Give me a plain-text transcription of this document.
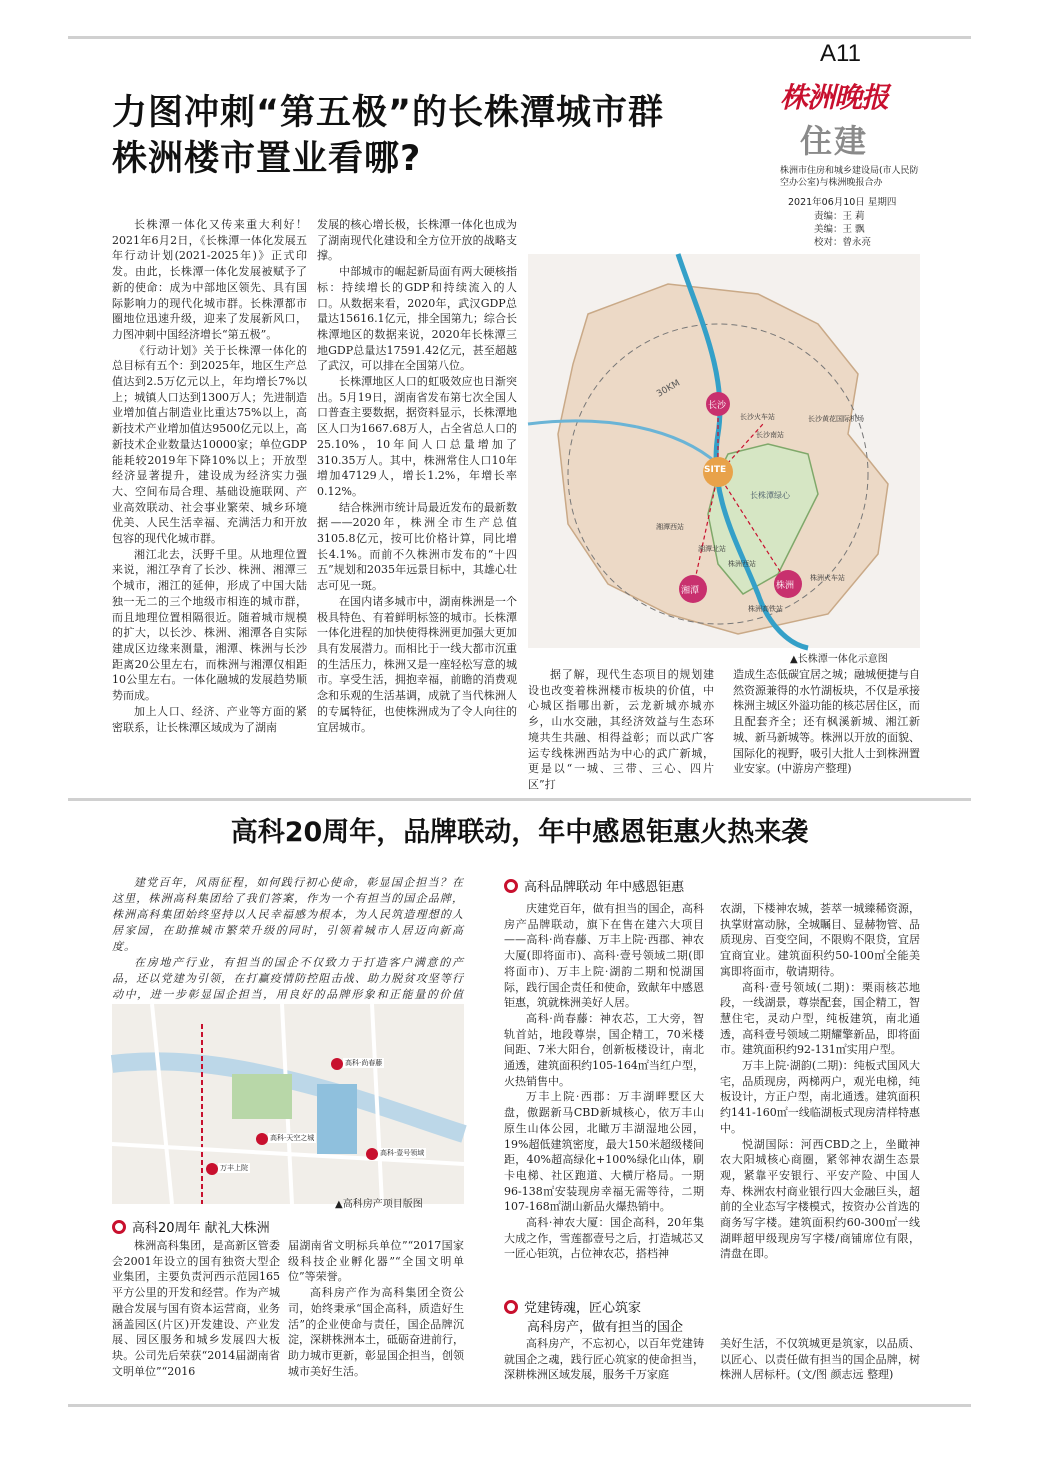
A11
株洲晚报
住建
株洲市住房和城乡建设局(市人民防空办公室)与株洲晚报合办
2021年06月10日 星期四
责编：王 莉
美编：王 飘
校对：曾永亮
力图冲刺“第五极”的长株潭城市群
株洲楼市置业看哪?

长株潭一体化又传来重大利好！2021年6月2日，《长株潭一体化发展五年行动计划(2021-2025年)》正式印发。由此，长株潭一体化发展被赋予了新的使命：成为中部地区领先、具有国际影响力的现代化城市群。长株潭都市圈地位迅速升级，迎来了发展新风口，力图冲刺中国经济增长“第五极”。

《行动计划》关于长株潭一体化的总目标有五个：到2025年，地区生产总值达到2.5万亿元以上，年均增长7%以上；城镇人口达到1300万人；先进制造业增加值占制造业比重达75%以上，高新技术产业增加值达9500亿元以上，高新技术企业数量达10000家；单位GDP能耗较2019年下降10%以上；开放型经济显著提升，建设成为经济实力强大、空间布局合理、基础设施联网、产业高效联动、社会事业繁荣、城乡环境优美、人民生活幸福、充满活力和开放包容的现代化城市群。

湘江北去，沃野千里。从地理位置来说，湘江孕育了长沙、株洲、湘潭三个城市，湘江的延伸，形成了中国大陆独一无二的三个地级市相连的城市群，而且地理位置相隔很近。随着城市规模的扩大，以长沙、株洲、湘潭各自实际建成区边缘来测量，湘潭、株洲与长沙距离20公里左右，而株洲与湘潭仅相距10公里左右。一体化融城的发展趋势顺势而成。

加上人口、经济、产业等方面的紧密联系，让长株潭区域成为了湖南

发展的核心增长极，长株潭一体化也成为了湖南现代化建设和全方位开放的战略支撑。

中部城市的崛起新局面有两大硬核指标：持续增长的GDP和持续流入的人口。从数据来看，2020年，武汉GDP总量达15616.1亿元，排全国第九；综合长株潭地区的数据来说，2020年长株潭三地GDP总量达17591.42亿元，甚至超越了武汉，可以排在全国第八位。

长株潭地区人口的虹吸效应也日渐突出。5月19日，湖南省发布第七次全国人口普查主要数据，据资料显示，长株潭地区人口为1667.68万人，占全省总人口的25.10%，10年间人口总量增加了310.35万人。其中，株洲常住人口10年增加47129人，增长1.2%，年增长率0.12%。

结合株洲市统计局最近发布的最新数据——2020年，株洲全市生产总值3105.8亿元，按可比价格计算，同比增长4.1%。而前不久株洲市发布的“十四五”规划和2035年远景目标中，其雄心壮志可见一斑。

在国内诸多城市中，湖南株洲是一个极具特色、有着鲜明标签的城市。长株潭一体化进程的加快使得株洲更加强大更加具有发展潜力。而相比于一线大都市沉重的生活压力，株洲又是一座轻松写意的城市。享受生活，拥抱幸福，前瞻的消费观念和乐观的生活基调，成就了当代株洲人的专属特征，也使株洲成为了令人向往的宜居城市。

30KM
SITE
长沙
湘潭	株洲
长株潭绿心
长沙火车站	长沙黄花国际机场
长沙南站
湘潭西站
湘潭北站
株洲西站
株洲火车站
株洲高铁站
▲长株潭一体化示意图

据了解，现代生态项目的规划建设也改变着株洲楼市板块的价值，中心城区指哪出新，云龙新城亦城亦乡，山水交融，其经济效益与生态环境共生共融、相得益彰；而以武广客运专线株洲西站为中心的武广新城，更是以“一城、三带、三心、四片区”打

造成生态低碳宜居之城；融城便捷与自然资源兼得的水竹湖板块，不仅是承接株洲主城区外溢功能的核芯居住区，而且配套齐全；还有枫溪新城、湘江新城、新马新城等。株洲以开放的面貌、国际化的视野，吸引大批人士到株洲置业安家。(中游房产整理)

高科20周年，品牌联动，年中感恩钜惠火热来袭

建党百年，风雨征程，如何践行初心使命，彰显国企担当？在这里，株洲高科集团给了我们答案，作为一个有担当的国企品牌，株洲高科集团始终坚持以人民幸福感为根本，为人民筑造理想的人居家园，在助推城市繁荣升级的同时，引领着城市人居迈向新高度。

在房地产行业，有担当的国企不仅致力于打造客户满意的产品，还以党建为引领，在打赢疫情防控阻击战、助力脱贫攻坚等行动中，进一步彰显国企担当，用良好的品牌形象和正能量的价值

高科·天空之城
高科·尚春藤
高科·壹号领域
万丰上院
▲高科房产项目版图
高科20周年 献礼大株洲

株洲高科集团，是高新区管委会2001年设立的国有独资大型企业集团，主要负责河西示范园165平方公里的开发和经营。作为产城融合发展与国有资本运营商，业务涵盖园区(片区)开发建设、产业发展、园区服务和城乡发展四大板块。公司先后荣获“2014届湖南省文明单位”“2016

届湖南省文明标兵单位”“2017国家级科技企业孵化器”“全国文明单位”等荣誉。

高科房产作为高科集团全资公司，始终秉承“国企高科，质造好生活”的企业使命与责任，国企品牌沉淀，深耕株洲本土，砥砺奋进前行，助力城市更新，彰显国企担当，创领城市美好生活。

高科品牌联动 年中感恩钜惠

庆建党百年，做有担当的国企，高科房产品牌联动，旗下在售在建六大项目——高科·尚春藤、万丰上院·西郡、神农大厦(即将面市)、高科·壹号领域二期(即将面市)、万丰上院·湖韵二期和悦湖国际，践行国企责任和使命，致献年中感恩钜惠，筑就株洲美好人居。

高科·尚春藤：神农芯，工大旁，智轨首站，地段尊崇，国企精工，70米楼间距、7米大阳台，创新板楼设计，南北通透，建筑面积约105-164㎡当红户型，火热销售中。

万丰上院·西郡：万丰湖畔墅区大盘，傲踞新马CBD新城核心，依万丰山原生山体公园，北瞰万丰湖湿地公园，19%超低建筑密度，最大150米超级楼间距，40%超高绿化+100%绿化山体，刷卡电梯、社区跑道、大横厅格局。一期96-138㎡安装现房幸福无需等待，二期107-168㎡湖山新品火爆热销中。

高科·神农大厦：国企高科，20年集大成之作，雪莲都壹号之后，打造城芯又一匠心钜筑，占位神农芯，搭档神

农湖，下楼神农城，荟萃一城臻稀资源，执掌财富动脉，全城瞩目、显赫物管、品质现房、百变空间，不限购不限贷，宜居宜商宜业。建筑面积约50-100㎡全能美寓即将面市，敬请期待。

高科·壹号领域(二期)：栗雨核芯地段，一线湖景，尊崇配套，国企精工，智慧住宅，灵动户型，纯板建筑，南北通透，高科壹号领域二期耀擎新品，即将面市。建筑面积约92-131㎡实用户型。

万丰上院·湖韵(二期)：纯板式国风大宅，品质现房，两梯两户，观光电梯，纯板设计，方正户型，南北通透。建筑面积约141-160㎡一线临湖板式现房清样特惠中。

悦湖国际：河西CBD之上，坐瞰神农大阳城核心商圈，紧邻神农湖生态景观，紧靠平安银行、平安产险、中国人寿、株洲农村商业银行四大金融巨头，超前的全业态写字楼模式，按资办公首选的商务写字楼。建筑面积约60-300㎡一线湖畔超甲级现房写字楼/商铺席位有限，清盘在即。

党建铸魂，匠心筑家
高科房产，做有担当的国企

高科房产，不忘初心，以百年党建铸就国企之魂，践行匠心筑家的使命担当，深耕株洲区域发展，服务千万家庭

美好生活，不仅筑城更是筑家，以品质、以匠心、以责任做有担当的国企品牌，树株洲人居标杆。(文/图 颜志远 整理)
